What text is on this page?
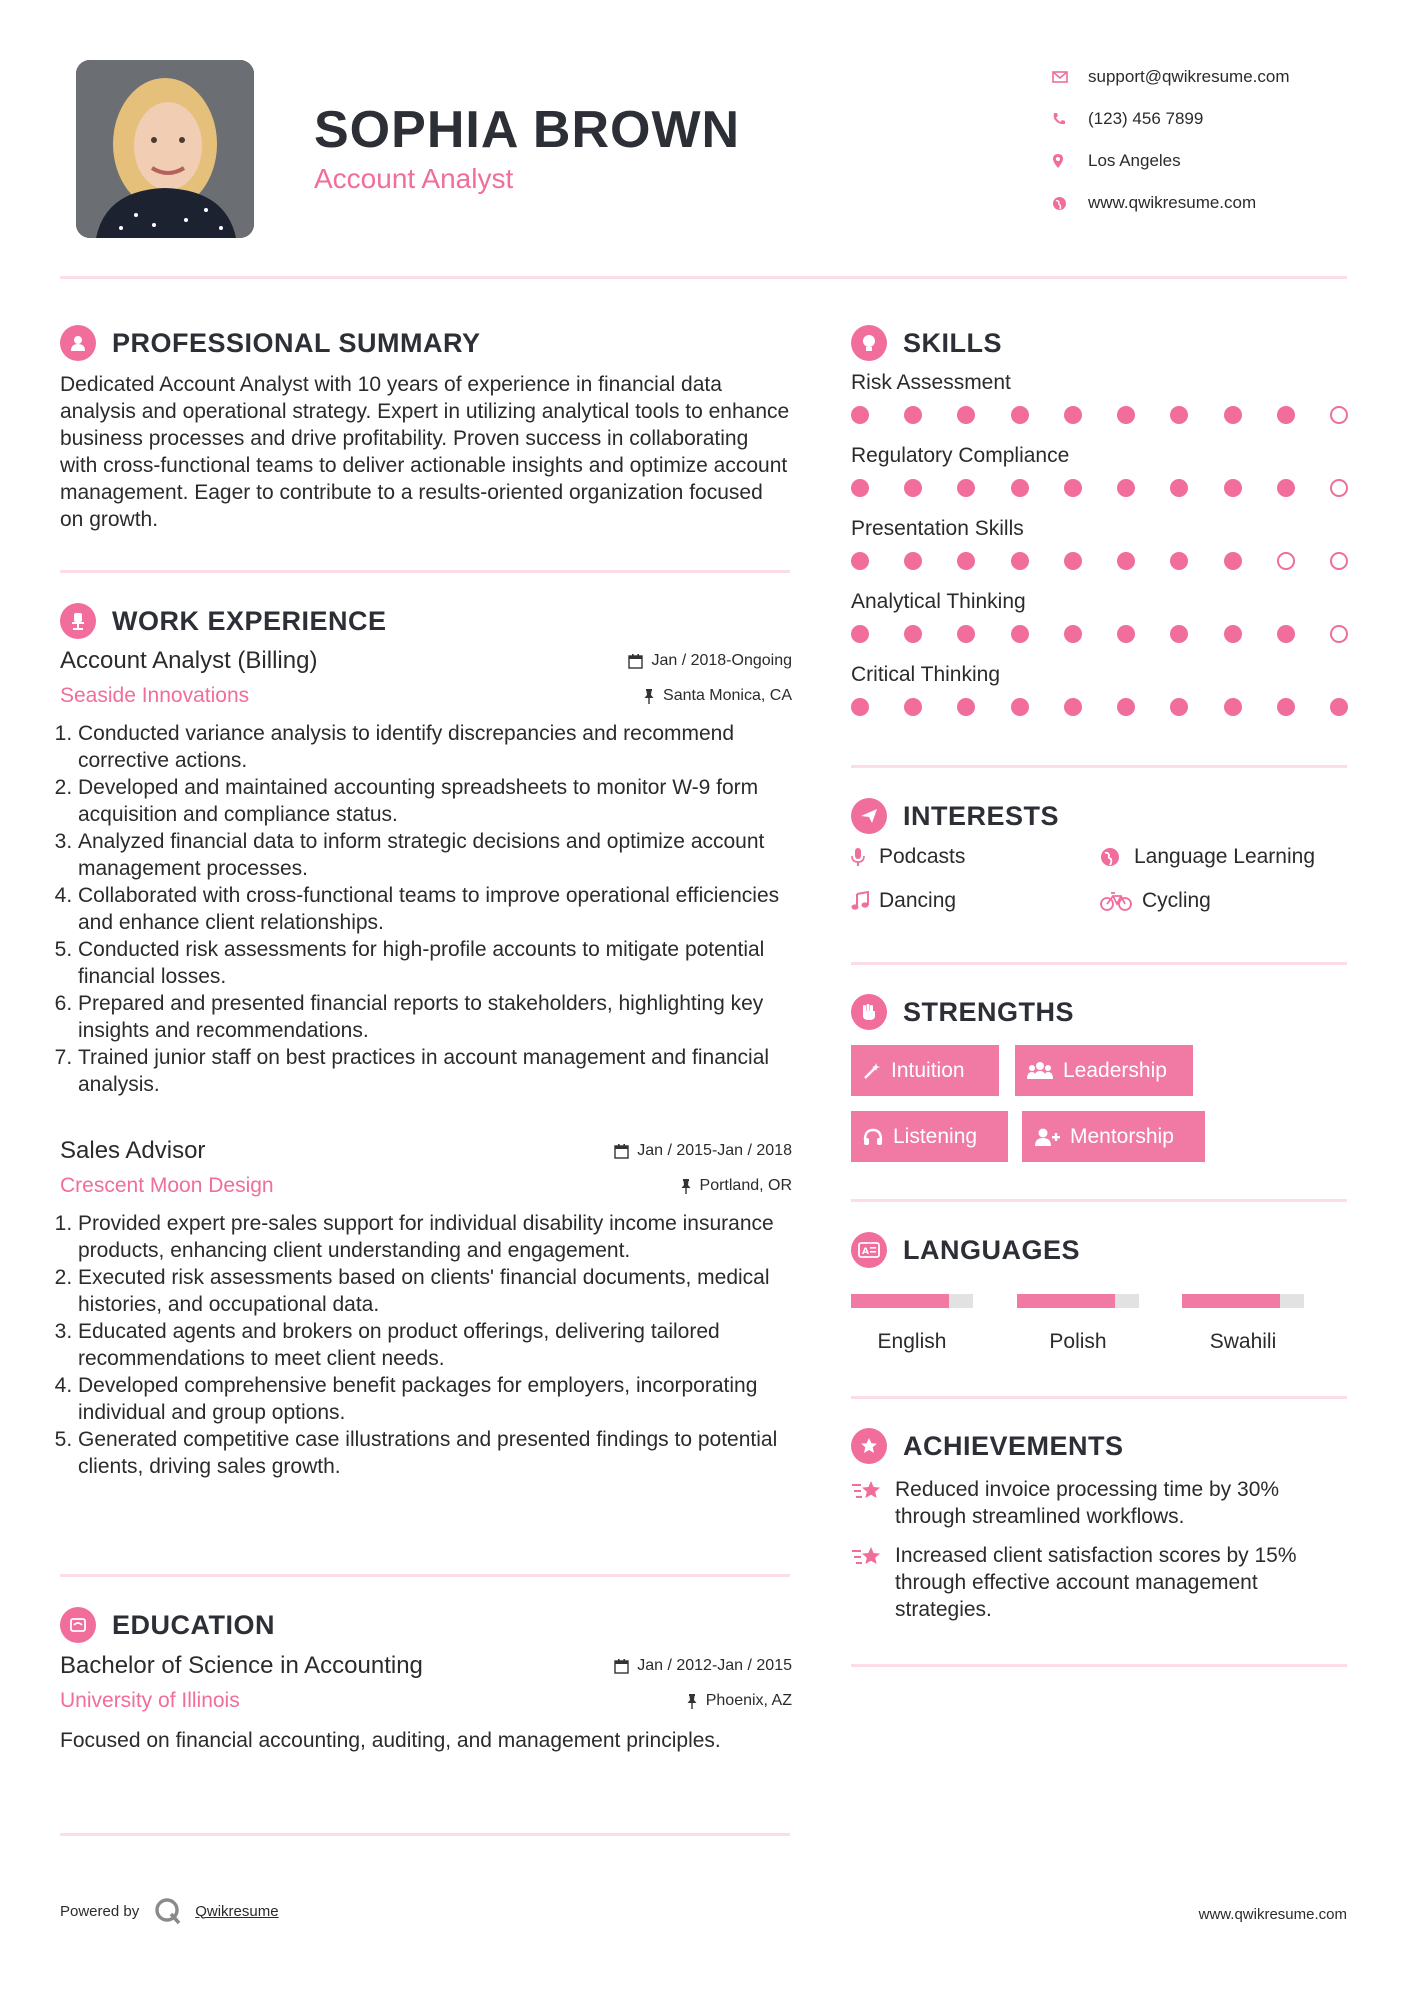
SOPHIA BROWN
Account Analyst
support@qwikresume.com
(123) 456 7899
Los Angeles
www.qwikresume.com
PROFESSIONAL SUMMARY
Dedicated Account Analyst with 10 years of experience in financial data analysis and operational strategy. Expert in utilizing analytical tools to enhance business processes and drive profitability. Proven success in collaborating with cross-functional teams to deliver actionable insights and optimize account management. Eager to contribute to a results-oriented organization focused on growth.
WORK EXPERIENCE
Account Analyst (Billing)	Jan / 2018-Ongoing
Seaside Innovations	Santa Monica, CA
1. Conducted variance analysis to identify discrepancies and recommend corrective actions.
2. Developed and maintained accounting spreadsheets to monitor W-9 form acquisition and compliance status.
3. Analyzed financial data to inform strategic decisions and optimize account management processes.
4. Collaborated with cross-functional teams to improve operational efficiencies and enhance client relationships.
5. Conducted risk assessments for high-profile accounts to mitigate potential financial losses.
6. Prepared and presented financial reports to stakeholders, highlighting key insights and recommendations.
7. Trained junior staff on best practices in account management and financial analysis.
Sales Advisor	Jan / 2015-Jan / 2018
Crescent Moon Design	Portland, OR
1. Provided expert pre-sales support for individual disability income insurance products, enhancing client understanding and engagement.
2. Executed risk assessments based on clients' financial documents, medical histories, and occupational data.
3. Educated agents and brokers on product offerings, delivering tailored recommendations to meet client needs.
4. Developed comprehensive benefit packages for employers, incorporating individual and group options.
5. Generated competitive case illustrations and presented findings to potential clients, driving sales growth.
EDUCATION
Bachelor of Science in Accounting	Jan / 2012-Jan / 2015
University of Illinois	Phoenix, AZ
Focused on financial accounting, auditing, and management principles.
SKILLS
Risk Assessment
Regulatory Compliance
Presentation Skills
Analytical Thinking
Critical Thinking
INTERESTS
Podcasts	Language Learning
Dancing	Cycling
STRENGTHS
Intuition	Leadership
Listening	Mentorship
A LANGUAGES
English	Polish	Swahili
ACHIEVEMENTS
Reduced invoice processing time by 30% through streamlined workflows.
Increased client satisfaction scores by 15% through effective account management strategies.
Powered by	Qwikresume	www.qwikresume.com
